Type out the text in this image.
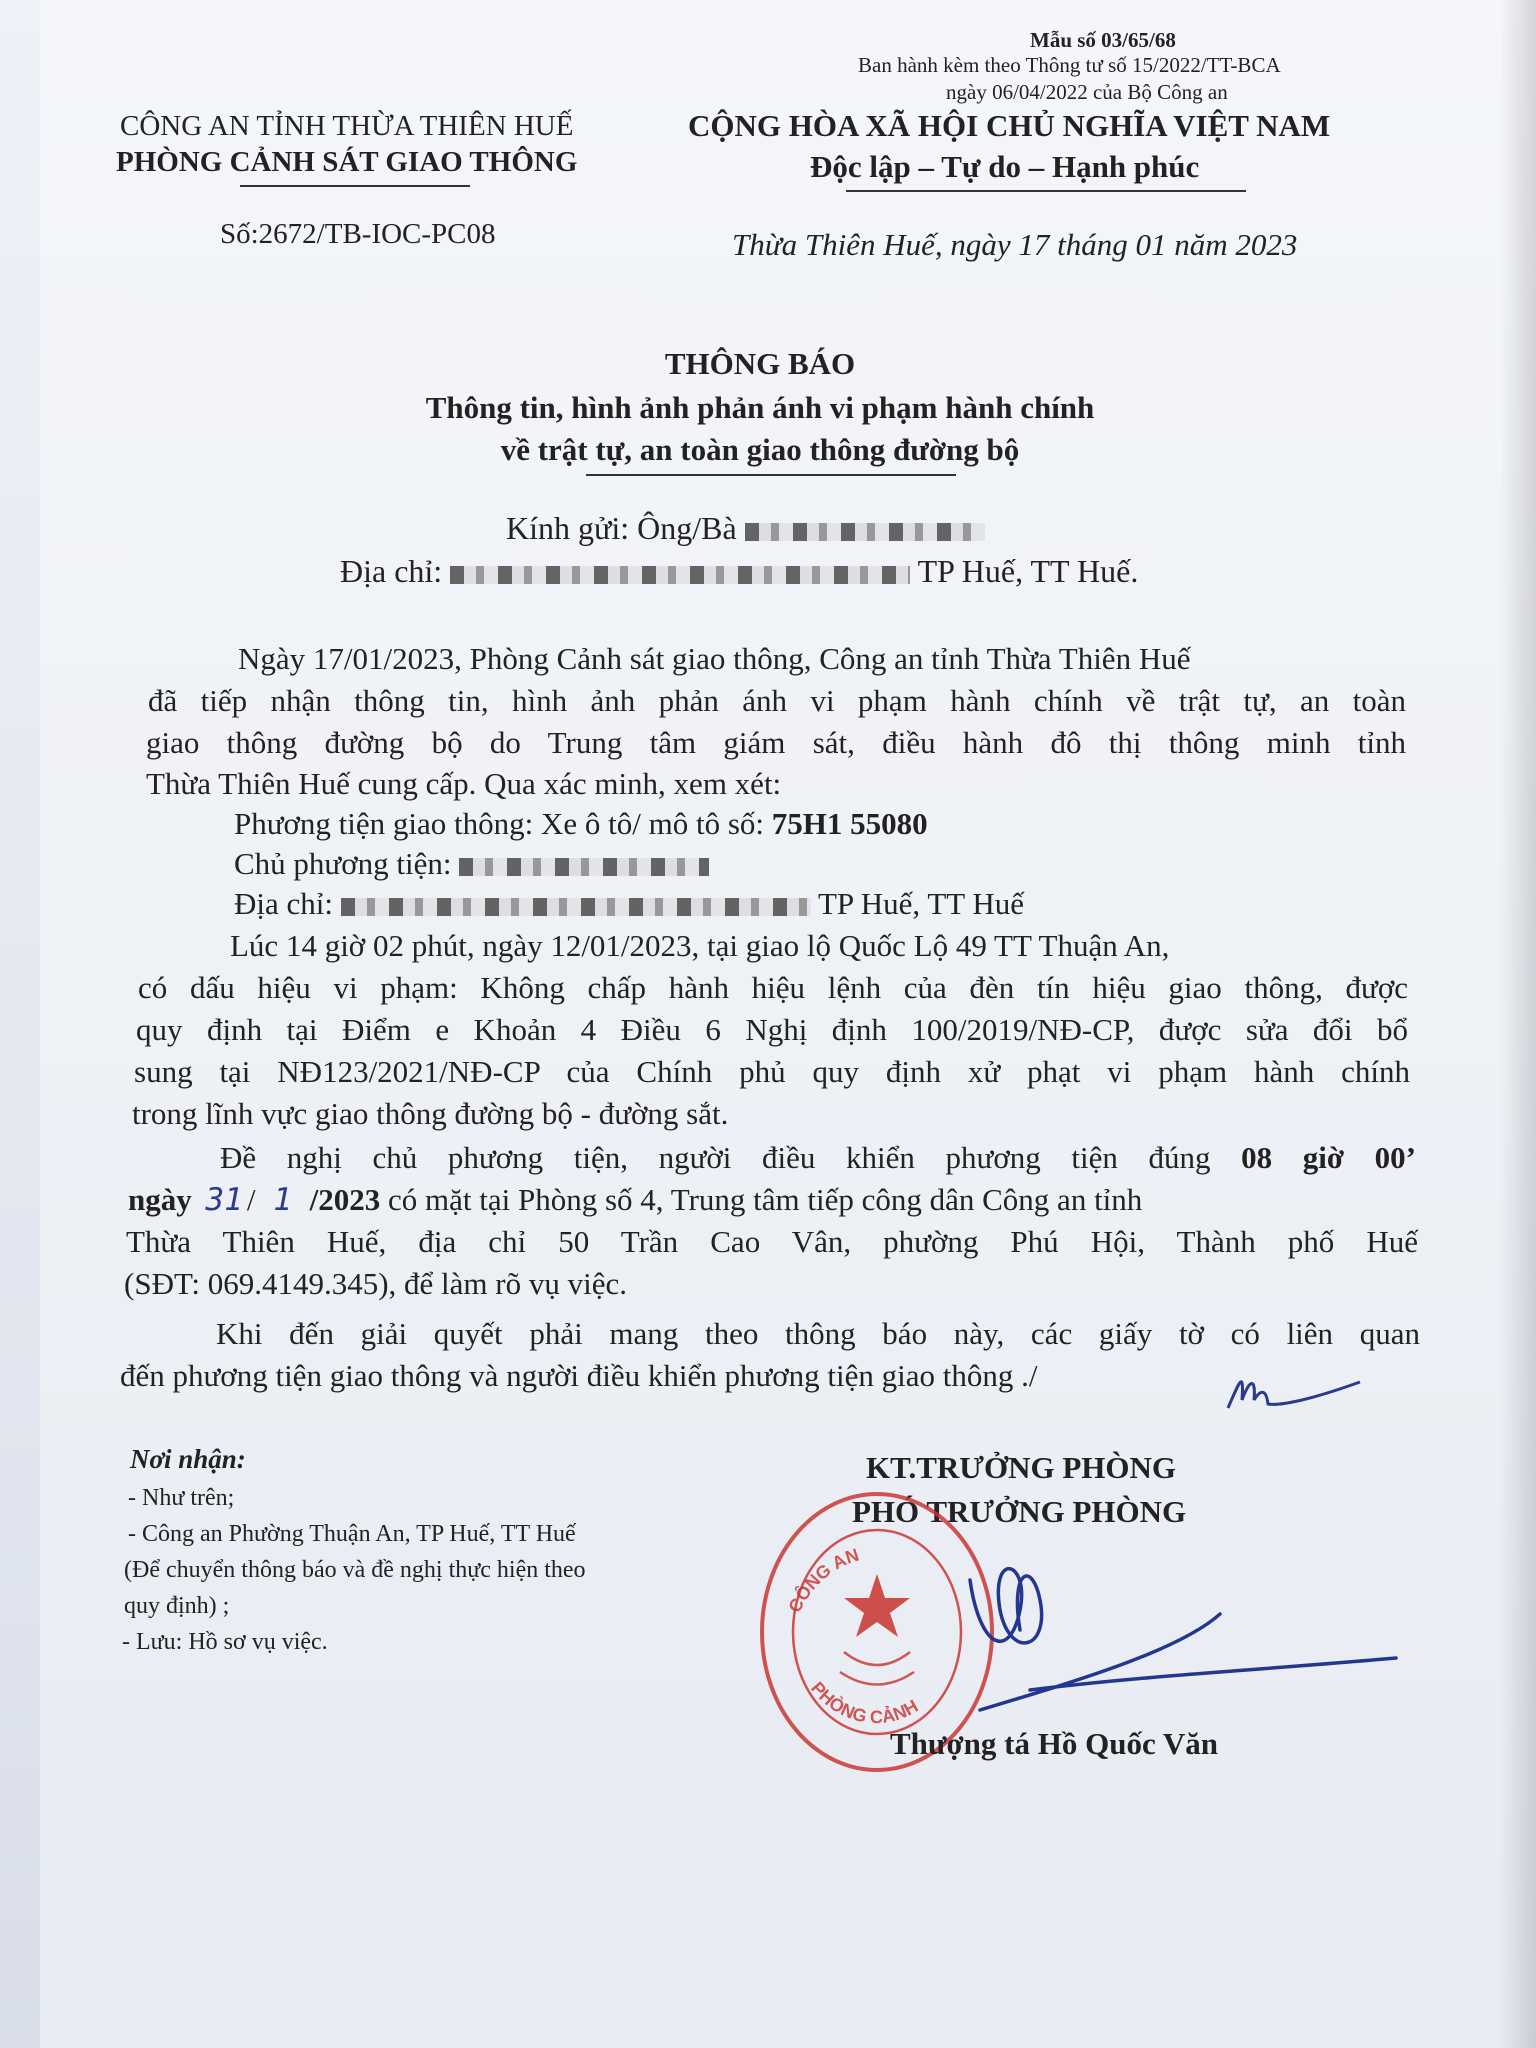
Mẫu số 03/65/68
Ban hành kèm theo Thông tư số 15/2022/TT-BCA
ngày 06/04/2022 của Bộ Công an
CÔNG AN TỈNH THỪA THIÊN HUẾ
PHÒNG CẢNH SÁT GIAO THÔNG
Số:2672/TB-IOC-PC08
CỘNG HÒA XÃ HỘI CHỦ NGHĨA VIỆT NAM
Độc lập – Tự do – Hạnh phúc
Thừa Thiên Huế, ngày 17 tháng 01 năm 2023
THÔNG BÁO
Thông tin, hình ảnh phản ánh vi phạm hành chính
về trật tự, an toàn giao thông đường bộ
Kính gửi: Ông/Bà
Địa chỉ:	TP Huế, TT Huế.
Ngày 17/01/2023, Phòng Cảnh sát giao thông, Công an tỉnh Thừa Thiên Huế
đã tiếp nhận thông tin, hình ảnh phản ánh vi phạm hành chính về trật tự, an toàn
giao thông đường bộ do Trung tâm giám sát, điều hành đô thị thông minh tỉnh
Thừa Thiên Huế cung cấp. Qua xác minh, xem xét:
Phương tiện giao thông: Xe ô tô/ mô tô số: 75H1 55080
Chủ phương tiện:
Địa chỉ:	TP Huế, TT Huế
Lúc 14 giờ 02 phút, ngày 12/01/2023, tại giao lộ Quốc Lộ 49 TT Thuận An,
có dấu hiệu vi phạm: Không chấp hành hiệu lệnh của đèn tín hiệu giao thông, được
quy định tại Điểm e Khoản 4 Điều 6 Nghị định 100/2019/NĐ-CP, được sửa đổi bổ
sung tại NĐ123/2021/NĐ-CP của Chính phủ quy định xử phạt vi phạm hành chính
trong lĩnh vực giao thông đường bộ - đường sắt.
Đề nghị chủ phương tiện, người điều khiển phương tiện đúng 08 giờ 00’
ngày 31 / 1 /2023 có mặt tại Phòng số 4, Trung tâm tiếp công dân Công an tỉnh
Thừa Thiên Huế, địa chỉ 50 Trần Cao Vân, phường Phú Hội, Thành phố Huế
(SĐT: 069.4149.345), để làm rõ vụ việc.
Khi đến giải quyết phải mang theo thông báo này, các giấy tờ có liên quan
đến phương tiện giao thông và người điều khiển phương tiện giao thông ./
Nơi nhận:
- Như trên;
- Công an Phường Thuận An, TP Huế, TT Huế
(Để chuyển thông báo và đề nghị thực hiện theo
quy định) ;
- Lưu: Hồ sơ vụ việc.
KT.TRƯỞNG PHÒNG
PHÓ TRƯỞNG PHÒNG
CÔNG AN
PHÒNG CẢNH
Thượng tá Hồ Quốc Văn
